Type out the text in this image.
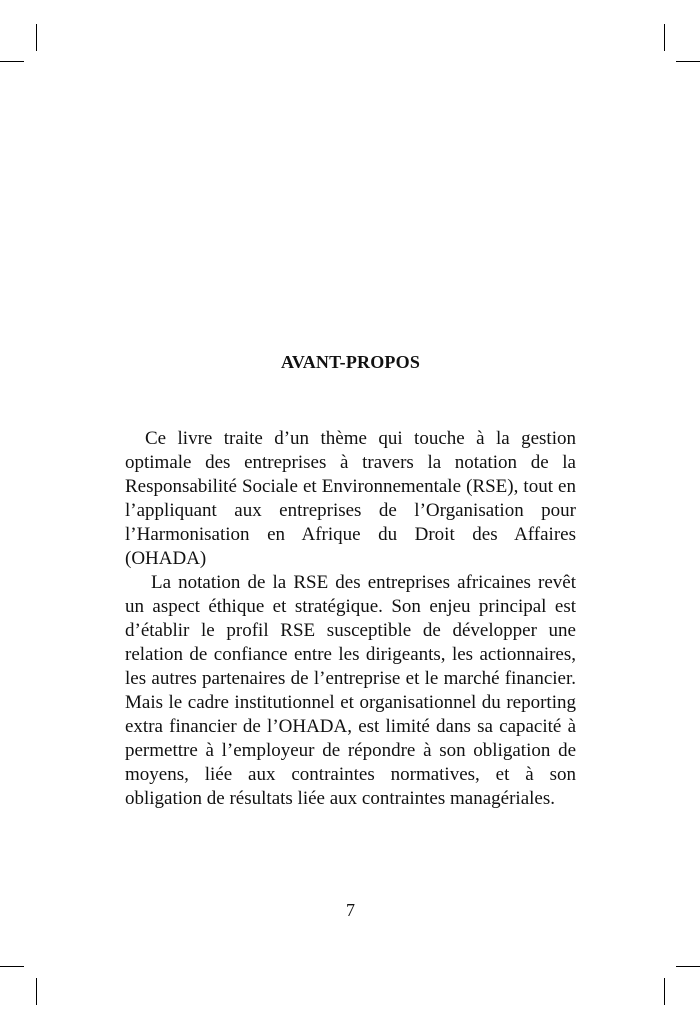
AVANT-PROPOS

Ce livre traite d’un thème qui touche à la gestion optimale des entreprises à travers la notation de la Responsabilité Sociale et Environnementale (RSE), tout en l’appliquant aux entreprises de l’Organisation pour l’Harmonisation en Afrique du Droit des Affaires (OHADA)

La notation de la RSE des entreprises africaines revêt un aspect éthique et stratégique. Son enjeu principal est d’établir le profil RSE susceptible de développer une relation de confiance entre les dirigeants, les actionnaires, les autres partenaires de l’entreprise et le marché financier. Mais le cadre institutionnel et organisationnel du reporting extra financier de l’OHADA, est limité dans sa capacité à permettre à l’employeur de répondre à son obligation de moyens, liée aux contraintes normatives, et à son obligation de résultats liée aux contraintes managériales.

7
